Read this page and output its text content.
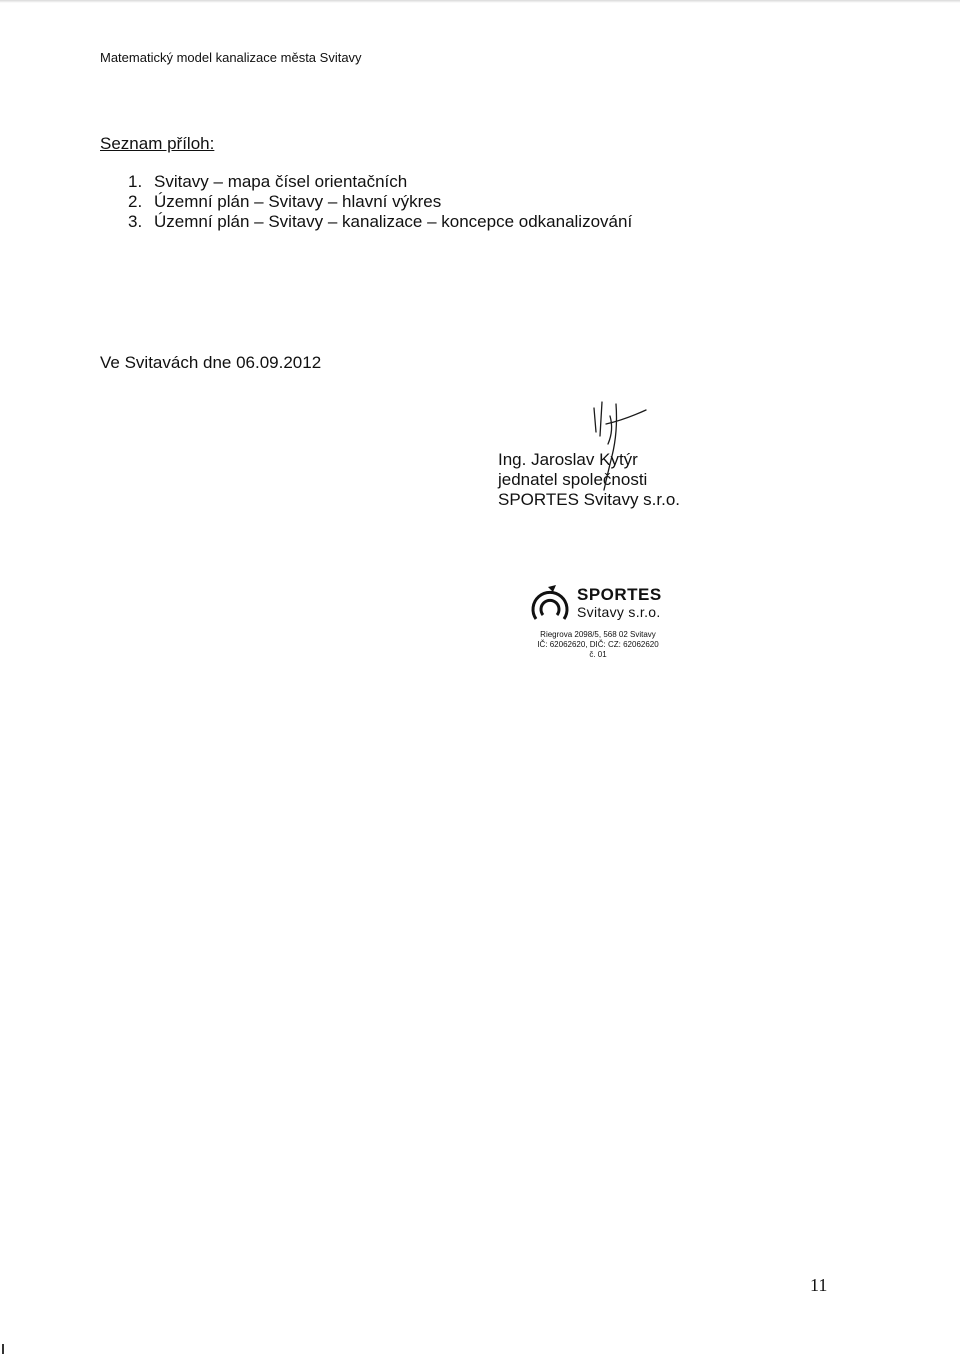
Matematický model kanalizace města Svitavy
Seznam příloh:
1. Svitavy – mapa čísel orientačních
2. Územní plán – Svitavy – hlavní výkres
3. Územní plán – Svitavy – kanalizace – koncepce odkanalizování
Ve Svitavách dne 06.09.2012
Ing. Jaroslav Kytýr
jednatel společnosti
SPORTES Svitavy s.r.o.
SPORTES
Svitavy s.r.o.
Riegrova 2098/5, 568 02 Svitavy
IČ: 62062620, DIČ: CZ: 62062620
č. 01
11
